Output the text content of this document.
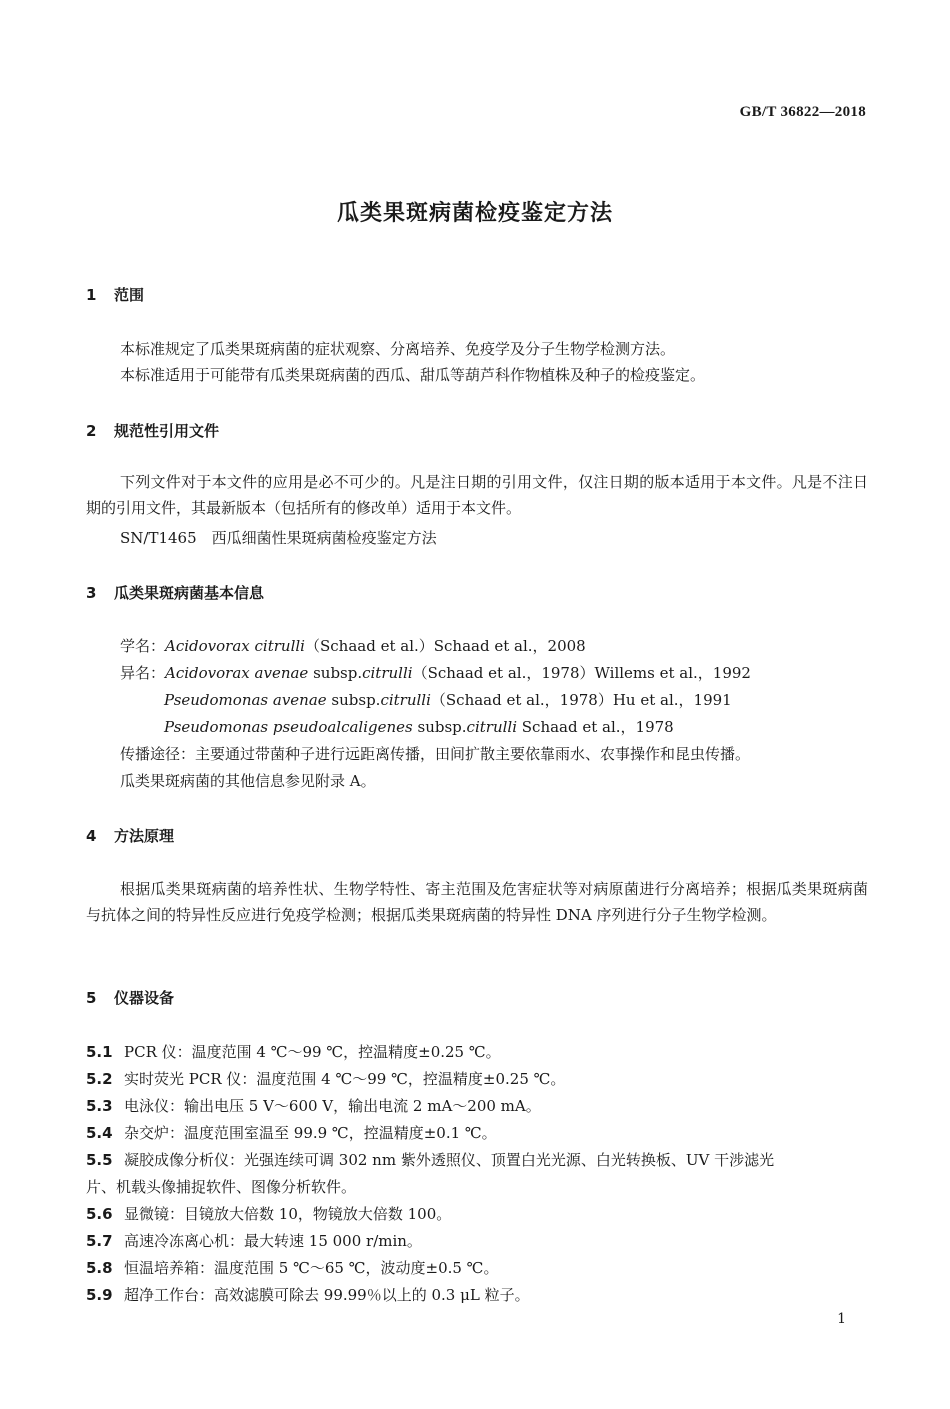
GB/T 36822—2018
瓜类果斑病菌检疫鉴定方法
1 范围

本标准规定了瓜类果斑病菌的症状观察、分离培养、免疫学及分子生物学检测方法。

本标准适用于可能带有瓜类果斑病菌的西瓜、甜瓜等葫芦科作物植株及种子的检疫鉴定。

2 规范性引用文件

下列文件对于本文件的应用是必不可少的。凡是注日期的引用文件，仅注日期的版本适用于本文件。凡是不注日期的引用文件，其最新版本（包括所有的修改单）适用于本文件。

SN/T1465　西瓜细菌性果斑病菌检疫鉴定方法

3 瓜类果斑病菌基本信息

学名：Acidovorax citrulli（Schaad et al.）Schaad et al.，2008

异名：Acidovorax avenae subsp.citrulli（Schaad et al.，1978）Willems et al.，1992

Pseudomonas avenae subsp.citrulli（Schaad et al.，1978）Hu et al.，1991

Pseudomonas pseudoalcaligenes subsp.citrulli Schaad et al.，1978

传播途径：主要通过带菌种子进行远距离传播，田间扩散主要依靠雨水、农事操作和昆虫传播。

瓜类果斑病菌的其他信息参见附录 A。

4 方法原理

根据瓜类果斑病菌的培养性状、生物学特性、寄主范围及危害症状等对病原菌进行分离培养；根据瓜类果斑病菌与抗体之间的特异性反应进行免疫学检测；根据瓜类果斑病菌的特异性 DNA 序列进行分子生物学检测。

5 仪器设备

5.1 PCR 仪：温度范围 4 ℃～99 ℃，控温精度±0.25 ℃。

5.2 实时荧光 PCR 仪：温度范围 4 ℃～99 ℃，控温精度±0.25 ℃。

5.3 电泳仪：输出电压 5 V～600 V，输出电流 2 mA～200 mA。

5.4 杂交炉：温度范围室温至 99.9 ℃，控温精度±0.1 ℃。

5.5 凝胶成像分析仪：光强连续可调 302 nm 紫外透照仪、顶置白光光源、白光转换板、UV 干涉滤光

片、机载头像捕捉软件、图像分析软件。

5.6 显微镜：目镜放大倍数 10，物镜放大倍数 100。

5.7 高速冷冻离心机：最大转速 15 000 r/min。

5.8 恒温培养箱：温度范围 5 ℃～65 ℃，波动度±0.5 ℃。

5.9 超净工作台：高效滤膜可除去 99.99％以上的 0.3 μL 粒子。

1
